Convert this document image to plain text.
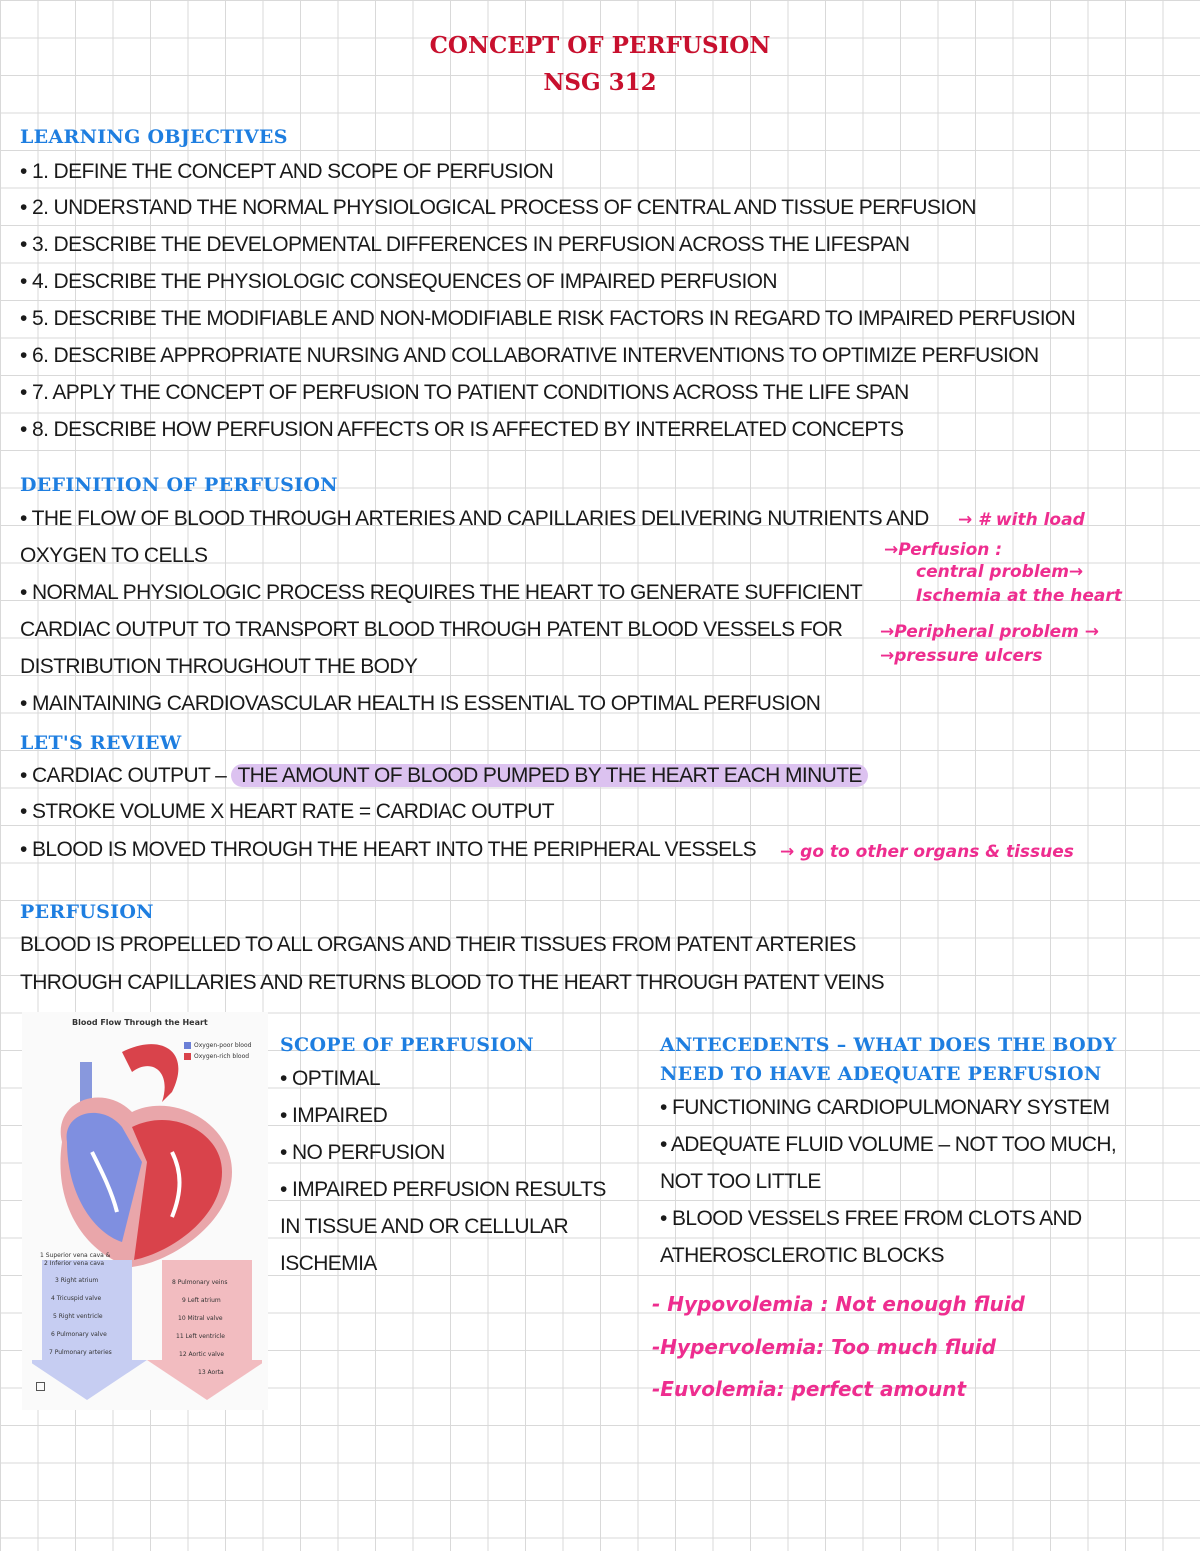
CONCEPT OF PERFUSION
NSG 312
LEARNING OBJECTIVES
• 1. DEFINE THE CONCEPT AND SCOPE OF PERFUSION
• 2. UNDERSTAND THE NORMAL PHYSIOLOGICAL PROCESS OF CENTRAL AND TISSUE PERFUSION
• 3. DESCRIBE THE DEVELOPMENTAL DIFFERENCES IN PERFUSION ACROSS THE LIFESPAN
• 4. DESCRIBE THE PHYSIOLOGIC CONSEQUENCES OF IMPAIRED PERFUSION
• 5. DESCRIBE THE MODIFIABLE AND NON-MODIFIABLE RISK FACTORS IN REGARD TO IMPAIRED PERFUSION
• 6. DESCRIBE APPROPRIATE NURSING AND COLLABORATIVE INTERVENTIONS TO OPTIMIZE PERFUSION
• 7. APPLY THE CONCEPT OF PERFUSION TO PATIENT CONDITIONS ACROSS THE LIFE SPAN
• 8. DESCRIBE HOW PERFUSION AFFECTS OR IS AFFECTED BY INTERRELATED CONCEPTS
DEFINITION OF PERFUSION
• THE FLOW OF BLOOD THROUGH ARTERIES AND CAPILLARIES DELIVERING NUTRIENTS AND
OXYGEN TO CELLS
• NORMAL PHYSIOLOGIC PROCESS REQUIRES THE HEART TO GENERATE SUFFICIENT
CARDIAC OUTPUT TO TRANSPORT BLOOD THROUGH PATENT BLOOD VESSELS FOR
DISTRIBUTION THROUGHOUT THE BODY
• MAINTAINING CARDIOVASCULAR HEALTH IS ESSENTIAL TO OPTIMAL PERFUSION
→ # with load
→Perfusion :
central problem→
Ischemia at the heart
→Peripheral problem →
→pressure ulcers
LET'S REVIEW
• CARDIAC OUTPUT – THE AMOUNT OF BLOOD PUMPED BY THE HEART EACH MINUTE
• STROKE VOLUME X HEART RATE = CARDIAC OUTPUT
• BLOOD IS MOVED THROUGH THE HEART INTO THE PERIPHERAL VESSELS → go to other organs & tissues
PERFUSION
BLOOD IS PROPELLED TO ALL ORGANS AND THEIR TISSUES FROM PATENT ARTERIES
THROUGH CAPILLARIES AND RETURNS BLOOD TO THE HEART THROUGH PATENT VEINS
Blood Flow Through the Heart
Oxygen-poor blood
Oxygen-rich blood
1 Superior vena cava &
2 Inferior vena cava
3 Right atrium
4 Tricuspid valve
5 Right ventricle
6 Pulmonary valve
7 Pulmonary arteries
8 Pulmonary veins
9 Left atrium
10 Mitral valve
11 Left ventricle
12 Aortic valve
13 Aorta
SCOPE OF PERFUSION
• OPTIMAL
• IMPAIRED
• NO PERFUSION
• IMPAIRED PERFUSION RESULTS
IN TISSUE AND OR CELLULAR
ISCHEMIA
ANTECEDENTS – WHAT DOES THE BODY
NEED TO HAVE ADEQUATE PERFUSION
• FUNCTIONING CARDIOPULMONARY SYSTEM
• ADEQUATE FLUID VOLUME – NOT TOO MUCH,
NOT TOO LITTLE
• BLOOD VESSELS FREE FROM CLOTS AND
ATHEROSCLEROTIC BLOCKS
- Hypovolemia : Not enough fluid
-Hypervolemia: Too much fluid
-Euvolemia: perfect amount
